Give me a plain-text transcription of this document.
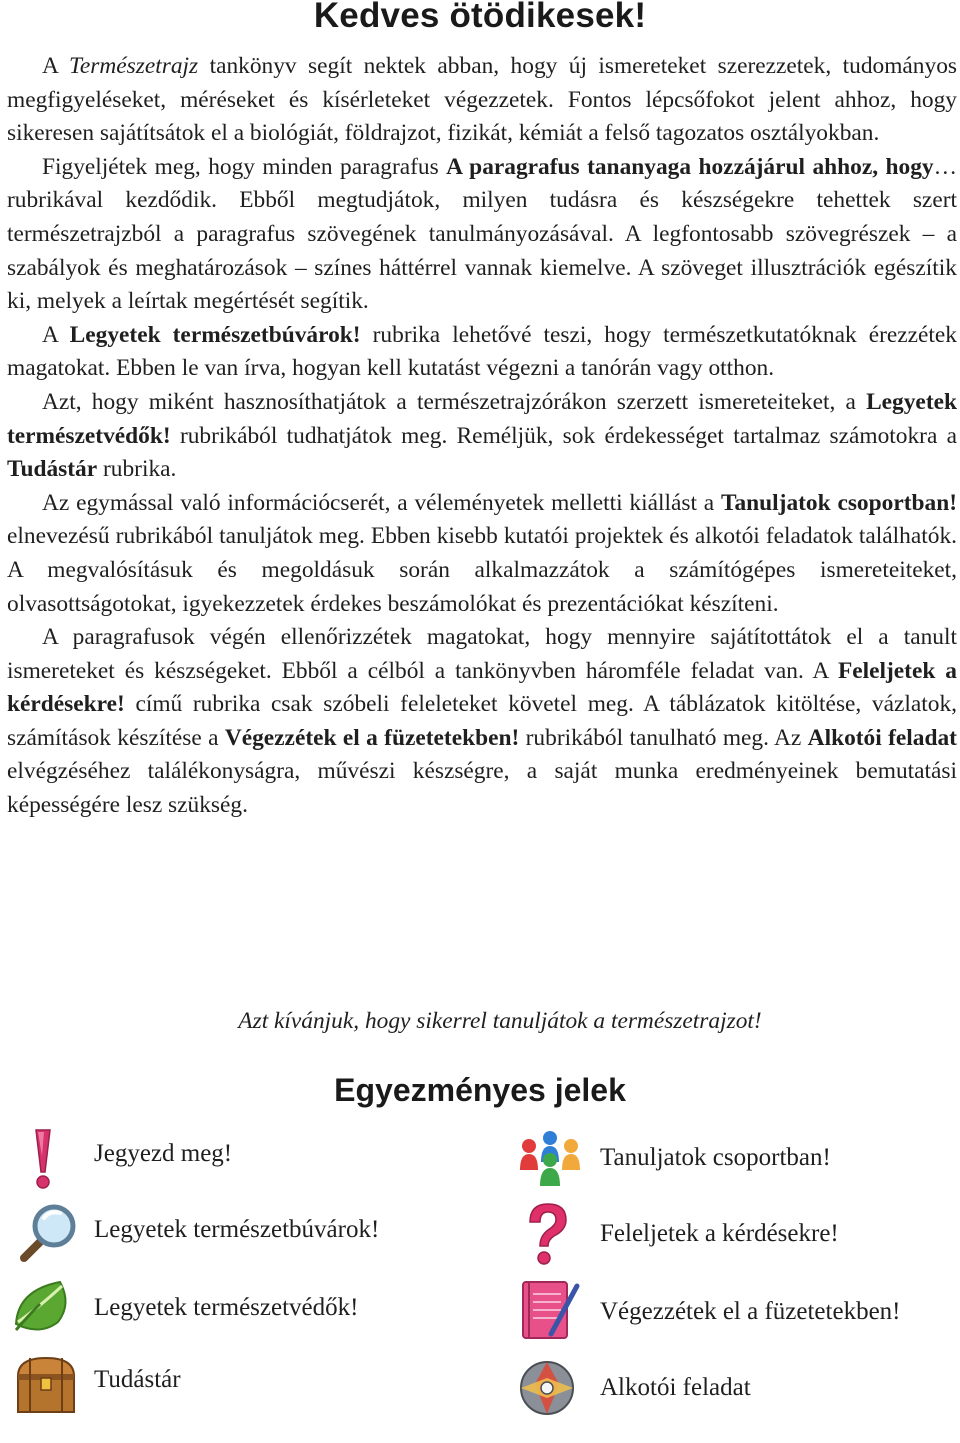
Kedves ötödikesek!

A Természetrajz tankönyv segít nektek abban, hogy új ismereteket szerezzetek, tudományos megfigyeléseket, méréseket és kísérleteket végezzetek. Fontos lépcsőfokot jelent ahhoz, hogy sikeresen sajátítsátok el a biológiát, földrajzot, fizikát, kémiát a felső tagozatos osztályokban.

Figyeljétek meg, hogy minden paragrafus A paragrafus tananyaga hozzájárul ahhoz, hogy… rubrikával kezdődik. Ebből megtudjátok, milyen tudásra és készségekre tehettek szert természetrajzból a paragrafus szövegének tanulmányozásával. A legfontosabb szövegrészek – a szabályok és meghatározások – színes háttérrel vannak kiemelve. A szöveget illusztrációk egészítik ki, melyek a leírtak megértését segítik.

A Legyetek természetbúvárok! rubrika lehetővé teszi, hogy természetkutatóknak érezzétek magatokat. Ebben le van írva, hogyan kell kutatást végezni a tanórán vagy otthon.

Azt, hogy miként hasznosíthatjátok a természetrajzórákon szerzett ismereteiteket, a Legyetek természetvédők! rubrikából tudhatjátok meg. Reméljük, sok érdekességet tartalmaz számotokra a Tudástár rubrika.

Az egymással való információcserét, a véleményetek melletti kiállást a Tanuljatok csoportban! elnevezésű rubrikából tanuljátok meg. Ebben kisebb kutatói projektek és alkotói feladatok találhatók. A megvalósításuk és megoldásuk során alkalmazzátok a számítógépes ismereteiteket, olvasottságotokat, igyekezzetek érdekes beszámolókat és prezentációkat készíteni.

A paragrafusok végén ellenőrizzétek magatokat, hogy mennyire sajátítottátok el a tanult ismereteket és készségeket. Ebből a célból a tankönyvben háromféle feladat van. A Feleljetek a kérdésekre! című rubrika csak szóbeli feleleteket követel meg. A táblázatok kitöltése, vázlatok, számítások készítése a Végezzétek el a füzetetekben! rubrikából tanulható meg. Az Alkotói feladat elvégzéséhez találékonyságra, művészi készségre, a saját munka eredményeinek bemutatási képességére lesz szükség.

Azt kívánjuk, hogy sikerrel tanuljátok a természetrajzot!
Egyezményes jelek
Jegyezd meg!
Legyetek természetbúvárok!
Legyetek természetvédők!
Tudástár
Tanuljatok csoportban!
Feleljetek a kérdésekre!
Végezzétek el a füzetetekben!
Alkotói feladat
